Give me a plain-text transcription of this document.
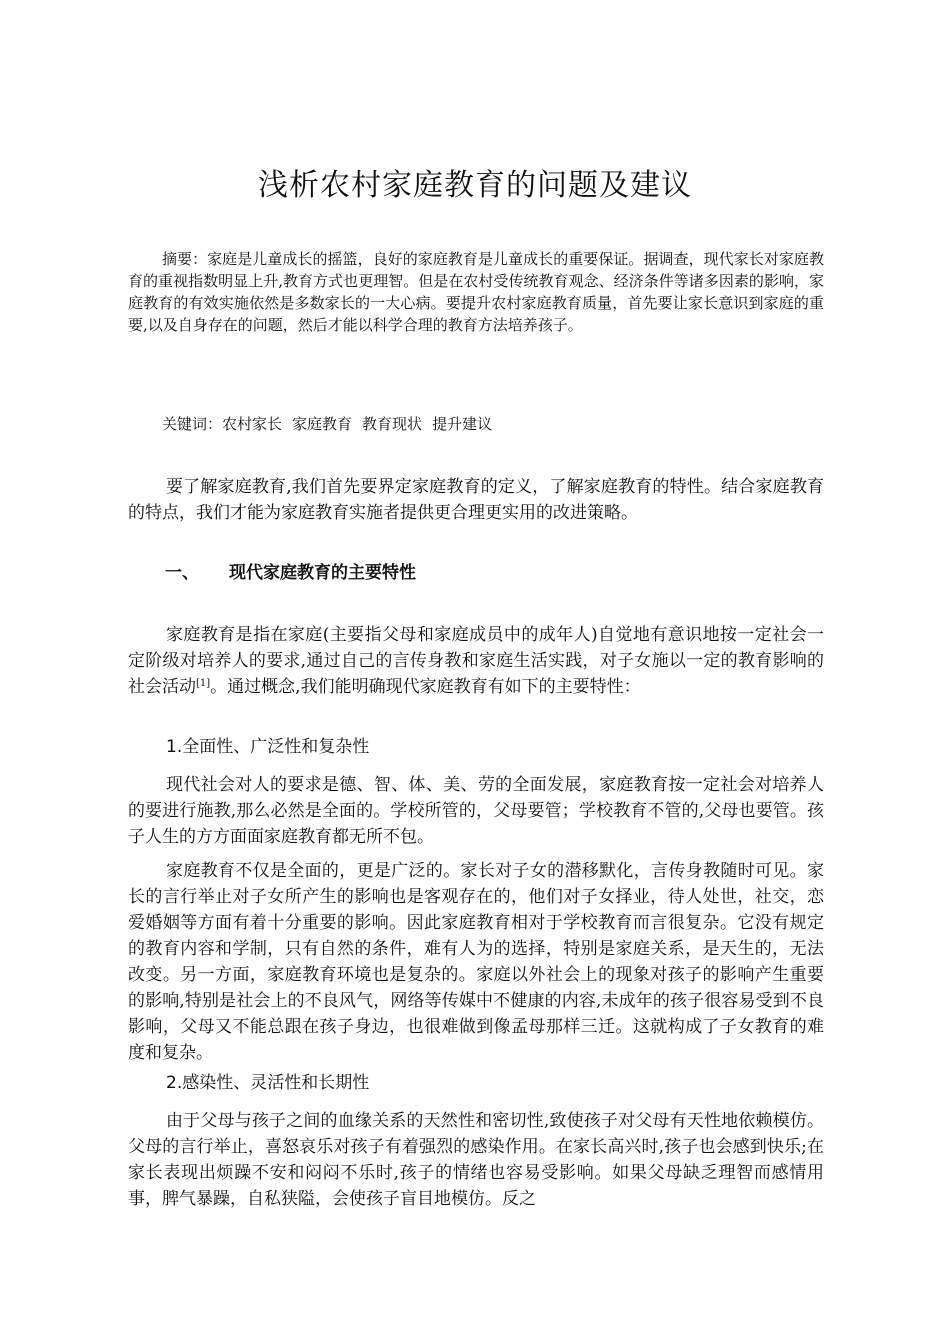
浅析农村家庭教育的问题及建议
摘要：家庭是儿童成长的摇篮，良好的家庭教育是儿童成长的重要保证。据调查，现代家长对家庭教育的重视指数明显上升,教育方式也更理智。但是在农村受传统教育观念、经济条件等诸多因素的影响，家庭教育的有效实施依然是多数家长的一大心病。要提升农村家庭教育质量，首先要让家长意识到家庭的重要,以及自身存在的问题，然后才能以科学合理的教育方法培养孩子。
关键词：农村家长 家庭教育 教育现状 提升建议

要了解家庭教育,我们首先要界定家庭教育的定义，了解家庭教育的特性。结合家庭教育的特点，我们才能为家庭教育实施者提供更合理更实用的改进策略。

一、 现代家庭教育的主要特性

家庭教育是指在家庭(主要指父母和家庭成员中的成年人)自觉地有意识地按一定社会一定阶级对培养人的要求,通过自己的言传身教和家庭生活实践，对子女施以一定的教育影响的社会活动[1]。通过概念,我们能明确现代家庭教育有如下的主要特性：

1.全面性、广泛性和复杂性

现代社会对人的要求是德、智、体、美、劳的全面发展，家庭教育按一定社会对培养人的要进行施教,那么必然是全面的。学校所管的，父母要管；学校教育不管的,父母也要管。孩子人生的方方面面家庭教育都无所不包。

家庭教育不仅是全面的，更是广泛的。家长对子女的潜移默化，言传身教随时可见。家长的言行举止对子女所产生的影响也是客观存在的，他们对子女择业，待人处世，社交，恋爱婚姻等方面有着十分重要的影响。因此家庭教育相对于学校教育而言很复杂。它没有规定的教育内容和学制，只有自然的条件，难有人为的选择，特别是家庭关系，是天生的，无法改变。另一方面，家庭教育环境也是复杂的。家庭以外社会上的现象对孩子的影响产生重要的影响,特别是社会上的不良风气，网络等传媒中不健康的内容,未成年的孩子很容易受到不良影响，父母又不能总跟在孩子身边，也很难做到像孟母那样三迁。这就构成了子女教育的难度和复杂。

2.感染性、灵活性和长期性

由于父母与孩子之间的血缘关系的天然性和密切性,致使孩子对父母有天性地依赖模仿。父母的言行举止，喜怒哀乐对孩子有着强烈的感染作用。在家长高兴时,孩子也会感到快乐;在家长表现出烦躁不安和闷闷不乐时,孩子的情绪也容易受影响。如果父母缺乏理智而感情用事，脾气暴躁，自私狭隘，会使孩子盲目地模仿。反之
